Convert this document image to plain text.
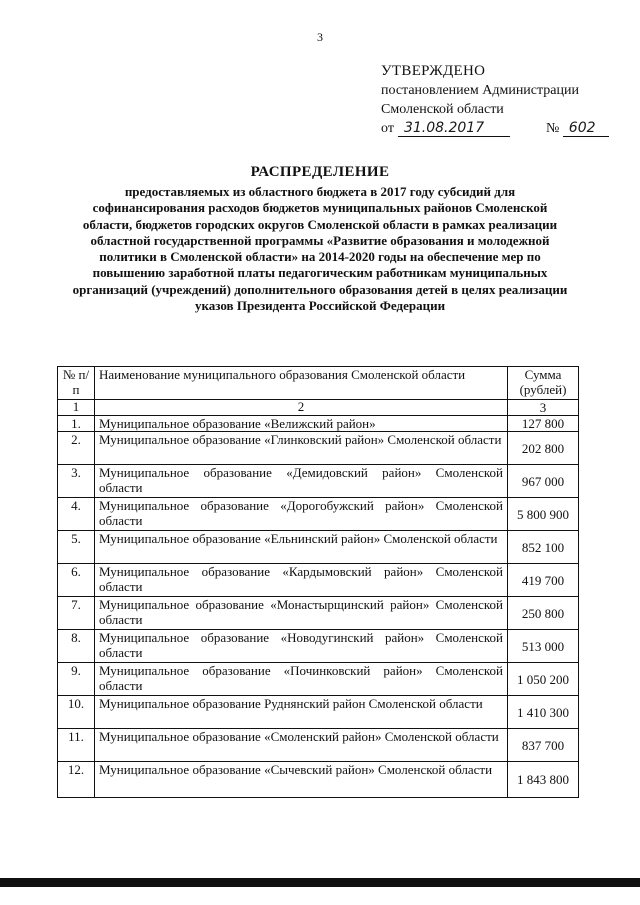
3
УТВЕРЖДЕНО
постановлением Администрации
Смоленской области
от 31.08.2017	№ 602
РАСПРЕДЕЛЕНИЕ
предоставляемых из областного бюджета в 2017 году субсидий для софинансирования расходов бюджетов муниципальных районов Смоленской области, бюджетов городских округов Смоленской области в рамках реализации областной государственной программы «Развитие образования и молодежной политики в Смоленской области» на 2014-2020 годы на обеспечение мер по повышению заработной платы педагогическим работникам муниципальных организаций (учреждений) дополнительного образования детей в целях реализации указов Президента Российской Федерации
№ п/п	Наименование муниципального образования Смоленской области	Сумма (рублей)
1	2	3
1.	Муниципальное образование «Велижский район»	127 800
2.	Муниципальное образование «Глинковский район» Смоленской области	202 800
3.	Муниципальное образование «Демидовский район» Смоленской области	967 000
4.	Муниципальное образование «Дорогобужский район» Смоленской области	5 800 900
5.	Муниципальное образование «Ельнинский район» Смоленской области	852 100
6.	Муниципальное образование «Кардымовский район» Смоленской области	419 700
7.	Муниципальное образование «Монастырщинский район» Смоленской области	250 800
8.	Муниципальное образование «Новодугинский район» Смоленской области	513 000
9.	Муниципальное образование «Починковский район» Смоленской области	1 050 200
10.	Муниципальное образование Руднянский район Смоленской области	1 410 300
11.	Муниципальное образование «Смоленский район» Смоленской области	837 700
12.	Муниципальное образование «Сычевский район» Смоленской области	1 843 800
